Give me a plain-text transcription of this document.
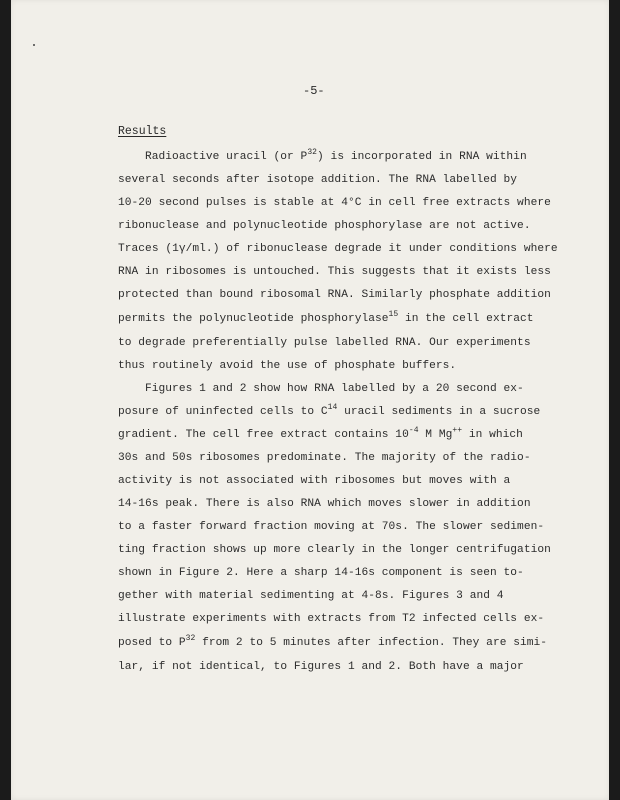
-5-
Results
Radioactive uracil (or $P^{32}$) is incorporated in RNA within
several seconds after isotope addition. The RNA labelled by
10-20 second pulses is stable at 4°C in cell free extracts where
ribonuclease and polynucleotide phosphorylase are not active.
Traces (1γ/ml.) of ribonuclease degrade it under conditions where
RNA in ribosomes is untouched. This suggests that it exists less
protected than bound ribosomal RNA. Similarly phosphate addition
permits the polynucleotide phosphorylase$^{15}$ in the cell extract
to degrade preferentially pulse labelled RNA. Our experiments
thus routinely avoid the use of phosphate buffers.
Figures 1 and 2 show how RNA labelled by a 20 second ex-
posure of uninfected cells to $C^{14}$ uracil sediments in a sucrose
gradient. The cell free extract contains $10^{-4}$ M Mg++ in which
30s and 50s ribosomes predominate. The majority of the radio-
activity is not associated with ribosomes but moves with a
14-16s peak. There is also RNA which moves slower in addition
to a faster forward fraction moving at 70s. The slower sedimen-
ting fraction shows up more clearly in the longer centrifugation
shown in Figure 2. Here a sharp 14-16s component is seen to-
gether with material sedimenting at 4-8s. Figures 3 and 4
illustrate experiments with extracts from T2 infected cells ex-
posed to $P^{32}$ from 2 to 5 minutes after infection. They are simi-
lar, if not identical, to Figures 1 and 2. Both have a major
